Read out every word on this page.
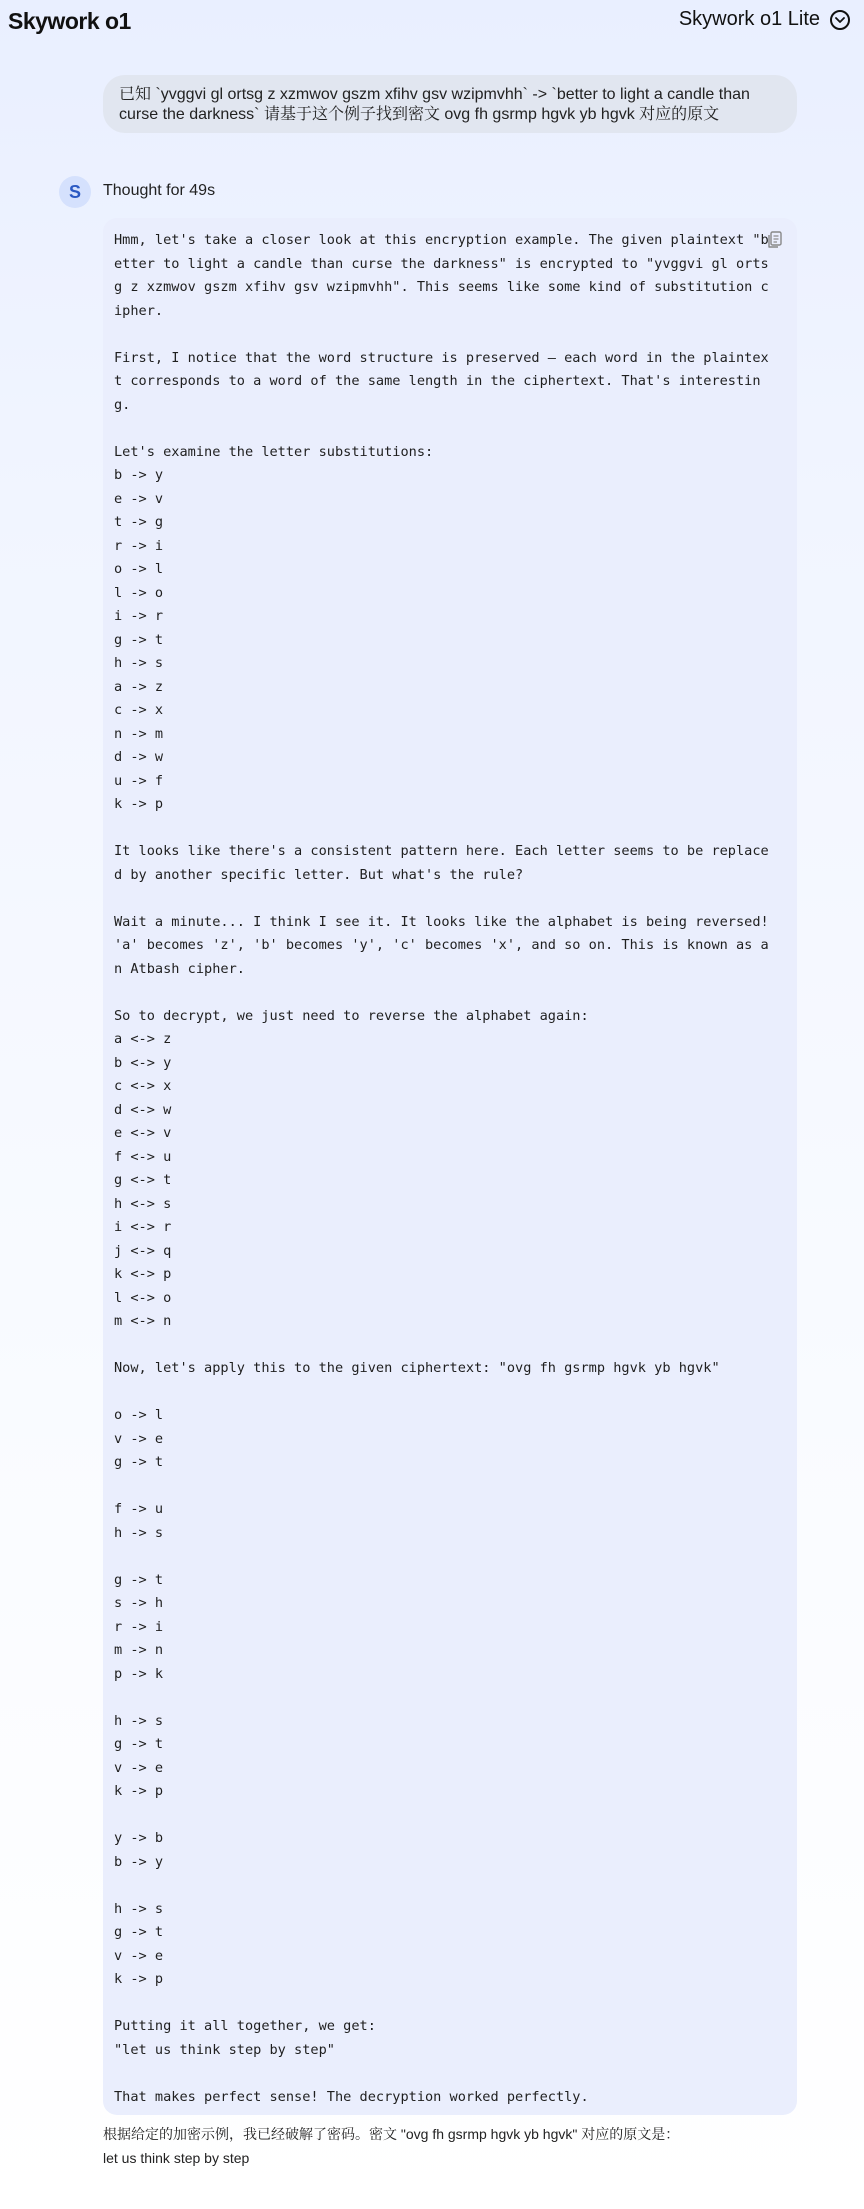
Skywork o1	Skywork o1 Lite
已知 `yvggvi gl ortsg z xzmwov gszm xfihv gsv wzipmvhh` -> `better to light a candle than curse the darkness` 请基于这个例子找到密文 ovg fh gsrmp hgvk yb hgvk 对应的原文
S	Thought for 49s
Hmm, let's take a closer look at this encryption example. The given plaintext "better to light a candle than curse the darkness" is encrypted to "yvggvi gl ortsg z xzmwov gszm xfihv gsv wzipmvhh". This seems like some kind of substitution cipher.

First, I notice that the word structure is preserved – each word in the plaintext corresponds to a word of the same length in the ciphertext. That's interesting.

Let's examine the letter substitutions:
b -> y
e -> v
t -> g
r -> i
o -> l
l -> o
i -> r
g -> t
h -> s
a -> z
c -> x
n -> m
d -> w
u -> f
k -> p

It looks like there's a consistent pattern here. Each letter seems to be replaced by another specific letter. But what's the rule?

Wait a minute... I think I see it. It looks like the alphabet is being reversed! 'a' becomes 'z', 'b' becomes 'y', 'c' becomes 'x', and so on. This is known as an Atbash cipher.

So to decrypt, we just need to reverse the alphabet again:
a <-> z
b <-> y
c <-> x
d <-> w
e <-> v
f <-> u
g <-> t
h <-> s
i <-> r
j <-> q
k <-> p
l <-> o
m <-> n

Now, let's apply this to the given ciphertext: "ovg fh gsrmp hgvk yb hgvk"

o -> l
v -> e
g -> t

f -> u
h -> s

g -> t
s -> h
r -> i
m -> n
p -> k

h -> s
g -> t
v -> e
k -> p

y -> b
b -> y

h -> s
g -> t
v -> e
k -> p

Putting it all together, we get:
"let us think step by step"

That makes perfect sense! The decryption worked perfectly.
根据给定的加密示例，我已经破解了密码。密文 "ovg fh gsrmp hgvk yb hgvk" 对应的原文是：
let us think step by step
